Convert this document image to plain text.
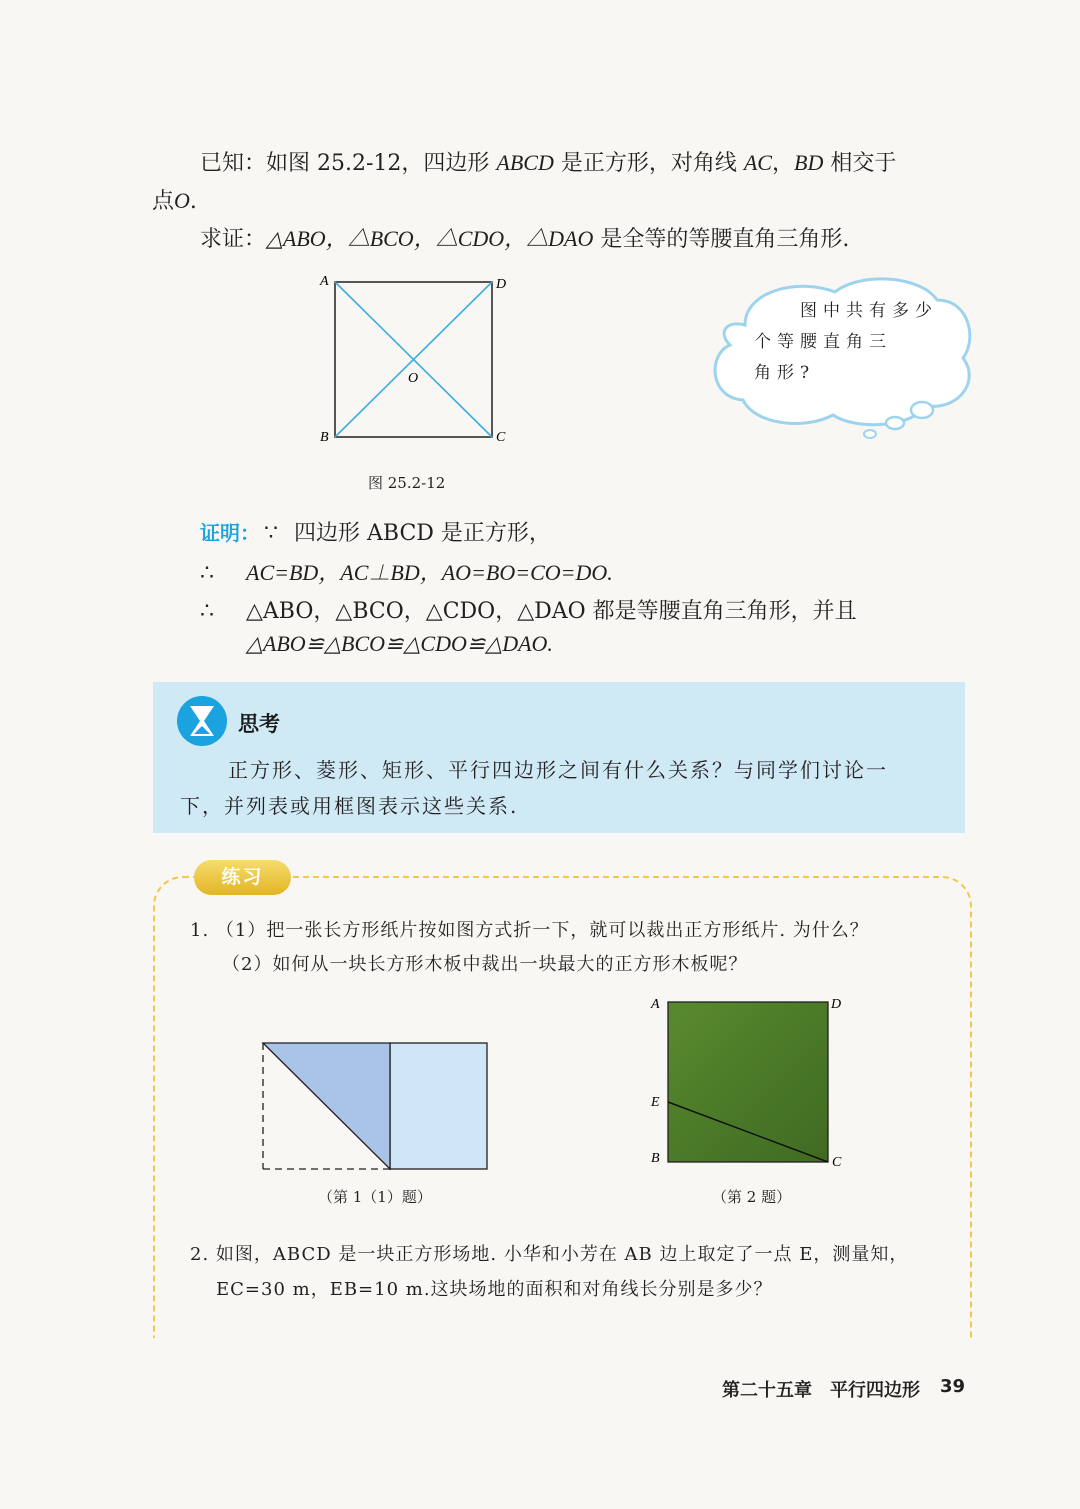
已知：如图 25.2-12，四边形 ABCD 是正方形，对角线 AC，BD 相交于
点O.
求证：△ABO，△BCO，△CDO，△DAO 是全等的等腰直角三角形.
A	D
B	C
O
图 25.2-12
图中共有多少
个等腰直角三
角形?
证明： ∵ 四边形 ABCD 是正方形，
∴ AC=BD，AC⊥BD，AO=BO=CO=DO.
∴ △ABO，△BCO，△CDO，△DAO 都是等腰直角三角形，并且
△ABO≌△BCO≌△CDO≌△DAO.
思考
正方形、菱形、矩形、平行四边形之间有什么关系？与同学们讨论一
下，并列表或用框图表示这些关系.
练习
1. （1）把一张长方形纸片按如图方式折一下，就可以裁出正方形纸片. 为什么？
（2）如何从一块长方形木板中裁出一块最大的正方形木板呢？
（第 1（1）题）
A	D
E
B	C
（第 2 题）
2. 如图，ABCD 是一块正方形场地. 小华和小芳在 AB 边上取定了一点 E，测量知，
EC=30 m，EB=10 m.这块场地的面积和对角线长分别是多少？
第二十五章　平行四边形 39
